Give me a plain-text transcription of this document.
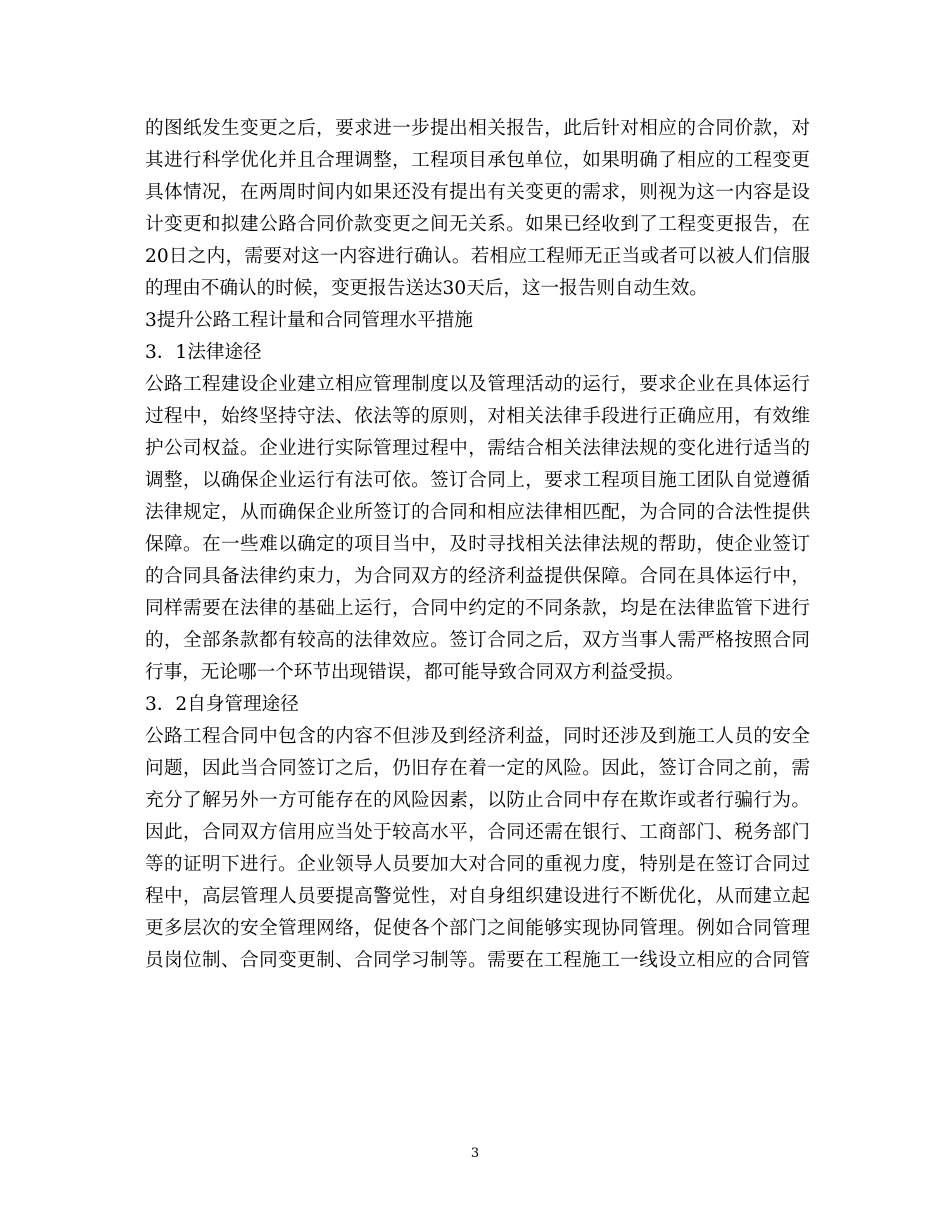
的图纸发生变更之后，要求进一步提出相关报告，此后针对相应的合同价款，对
其进行科学优化并且合理调整，工程项目承包单位，如果明确了相应的工程变更
具体情况，在两周时间内如果还没有提出有关变更的需求，则视为这一内容是设
计变更和拟建公路合同价款变更之间无关系。如果已经收到了工程变更报告，在
20日之内，需要对这一内容进行确认。若相应工程师无正当或者可以被人们信服
的理由不确认的时候，变更报告送达30天后，这一报告则自动生效。
3提升公路工程计量和合同管理水平措施
3．1法律途径
公路工程建设企业建立相应管理制度以及管理活动的运行，要求企业在具体运行
过程中，始终坚持守法、依法等的原则，对相关法律手段进行正确应用，有效维
护公司权益。企业进行实际管理过程中，需结合相关法律法规的变化进行适当的
调整，以确保企业运行有法可依。签订合同上，要求工程项目施工团队自觉遵循
法律规定，从而确保企业所签订的合同和相应法律相匹配，为合同的合法性提供
保障。在一些难以确定的项目当中，及时寻找相关法律法规的帮助，使企业签订
的合同具备法律约束力，为合同双方的经济利益提供保障。合同在具体运行中，
同样需要在法律的基础上运行，合同中约定的不同条款，均是在法律监管下进行
的，全部条款都有较高的法律效应。签订合同之后，双方当事人需严格按照合同
行事，无论哪一个环节出现错误，都可能导致合同双方利益受损。
3．2自身管理途径
公路工程合同中包含的内容不但涉及到经济利益，同时还涉及到施工人员的安全
问题，因此当合同签订之后，仍旧存在着一定的风险。因此，签订合同之前，需
充分了解另外一方可能存在的风险因素，以防止合同中存在欺诈或者行骗行为。
因此，合同双方信用应当处于较高水平，合同还需在银行、工商部门、税务部门
等的证明下进行。企业领导人员要加大对合同的重视力度，特别是在签订合同过
程中，高层管理人员要提高警觉性，对自身组织建设进行不断优化，从而建立起
更多层次的安全管理网络，促使各个部门之间能够实现协同管理。例如合同管理
员岗位制、合同变更制、合同学习制等。需要在工程施工一线设立相应的合同管
3
